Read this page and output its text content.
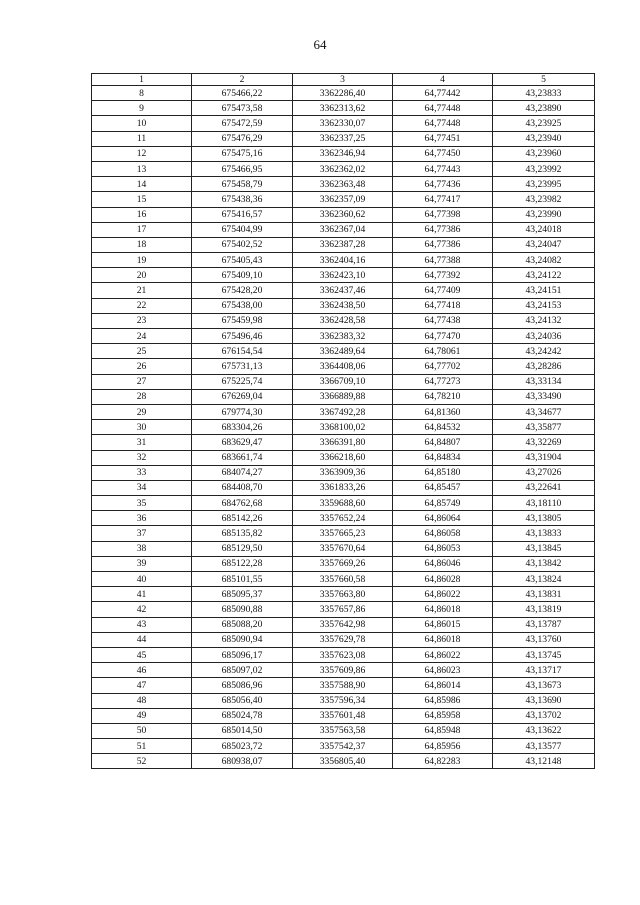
64
1	2	3	4	5
8	675466,22	3362286,40	64,77442	43,23833
9	675473,58	3362313,62	64,77448	43,23890
10	675472,59	3362330,07	64,77448	43,23925
11	675476,29	3362337,25	64,77451	43,23940
12	675475,16	3362346,94	64,77450	43,23960
13	675466,95	3362362,02	64,77443	43,23992
14	675458,79	3362363,48	64,77436	43,23995
15	675438,36	3362357,09	64,77417	43,23982
16	675416,57	3362360,62	64,77398	43,23990
17	675404,99	3362367,04	64,77386	43,24018
18	675402,52	3362387,28	64,77386	43,24047
19	675405,43	3362404,16	64,77388	43,24082
20	675409,10	3362423,10	64,77392	43,24122
21	675428,20	3362437,46	64,77409	43,24151
22	675438,00	3362438,50	64,77418	43,24153
23	675459,98	3362428,58	64,77438	43,24132
24	675496,46	3362383,32	64,77470	43,24036
25	676154,54	3362489,64	64,78061	43,24242
26	675731,13	3364408,06	64,77702	43,28286
27	675225,74	3366709,10	64,77273	43,33134
28	676269,04	3366889,88	64,78210	43,33490
29	679774,30	3367492,28	64,81360	43,34677
30	683304,26	3368100,02	64,84532	43,35877
31	683629,47	3366391,80	64,84807	43,32269
32	683661,74	3366218,60	64,84834	43,31904
33	684074,27	3363909,36	64,85180	43,27026
34	684408,70	3361833,26	64,85457	43,22641
35	684762,68	3359688,60	64,85749	43,18110
36	685142,26	3357652,24	64,86064	43,13805
37	685135,82	3357665,23	64,86058	43,13833
38	685129,50	3357670,64	64,86053	43,13845
39	685122,28	3357669,26	64,86046	43,13842
40	685101,55	3357660,58	64,86028	43,13824
41	685095,37	3357663,80	64,86022	43,13831
42	685090,88	3357657,86	64,86018	43,13819
43	685088,20	3357642,98	64,86015	43,13787
44	685090,94	3357629,78	64,86018	43,13760
45	685096,17	3357623,08	64,86022	43,13745
46	685097,02	3357609,86	64,86023	43,13717
47	685086,96	3357588,90	64,86014	43,13673
48	685056,40	3357596,34	64,85986	43,13690
49	685024,78	3357601,48	64,85958	43,13702
50	685014,50	3357563,58	64,85948	43,13622
51	685023,72	3357542,37	64,85956	43,13577
52	680938,07	3356805,40	64,82283	43,12148
